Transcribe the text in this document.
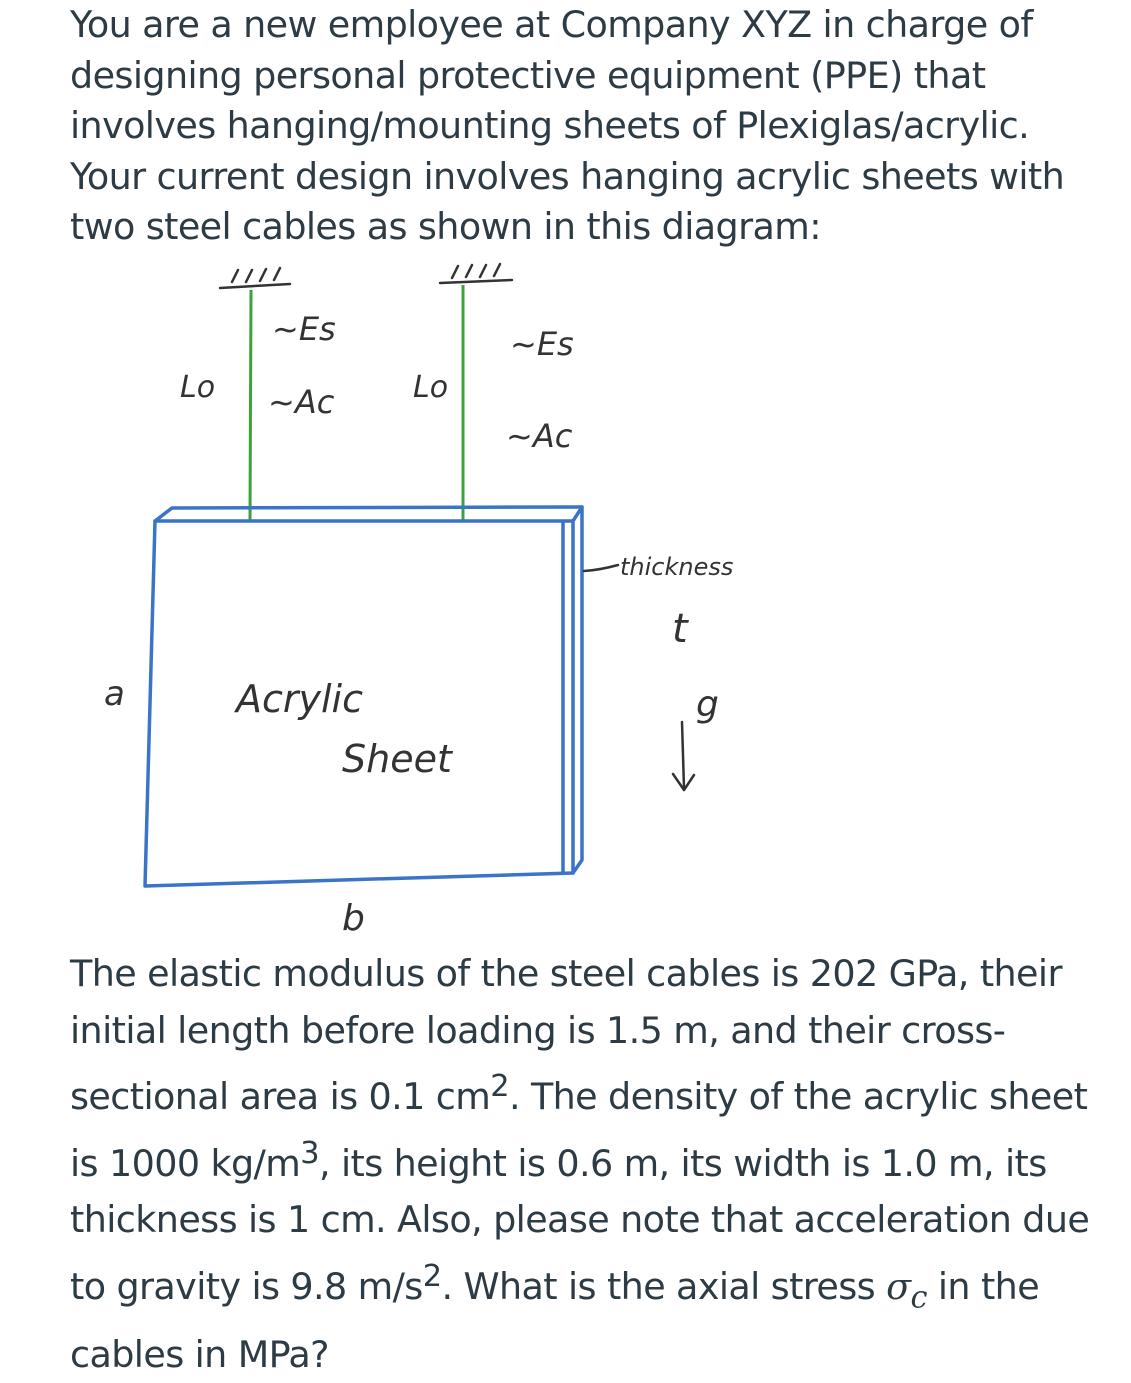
You are a new employee at Company XYZ in charge of designing personal protective equipment (PPE) that involves hanging/mounting sheets of Plexiglas/acrylic. Your current design involves hanging acrylic sheets with two steel cables as shown in this diagram:

~Es
~Ac
Lo	Lo
~Es
~Ac
Acrylic
Sheet
a
b
thickness
t
g

The elastic modulus of the steel cables is 202 GPa, their initial length before loading is 1.5 m, and their cross-sectional area is 0.1 $cm^2$. The density of the acrylic sheet is 1000 $kg/m^3$, its height is 0.6 m, its width is 1.0 m, its thickness is 1 cm. Also, please note that acceleration due to gravity is 9.8 $m/s^2$. What is the axial stress $\sigma_c$ in the cables in MPa?
